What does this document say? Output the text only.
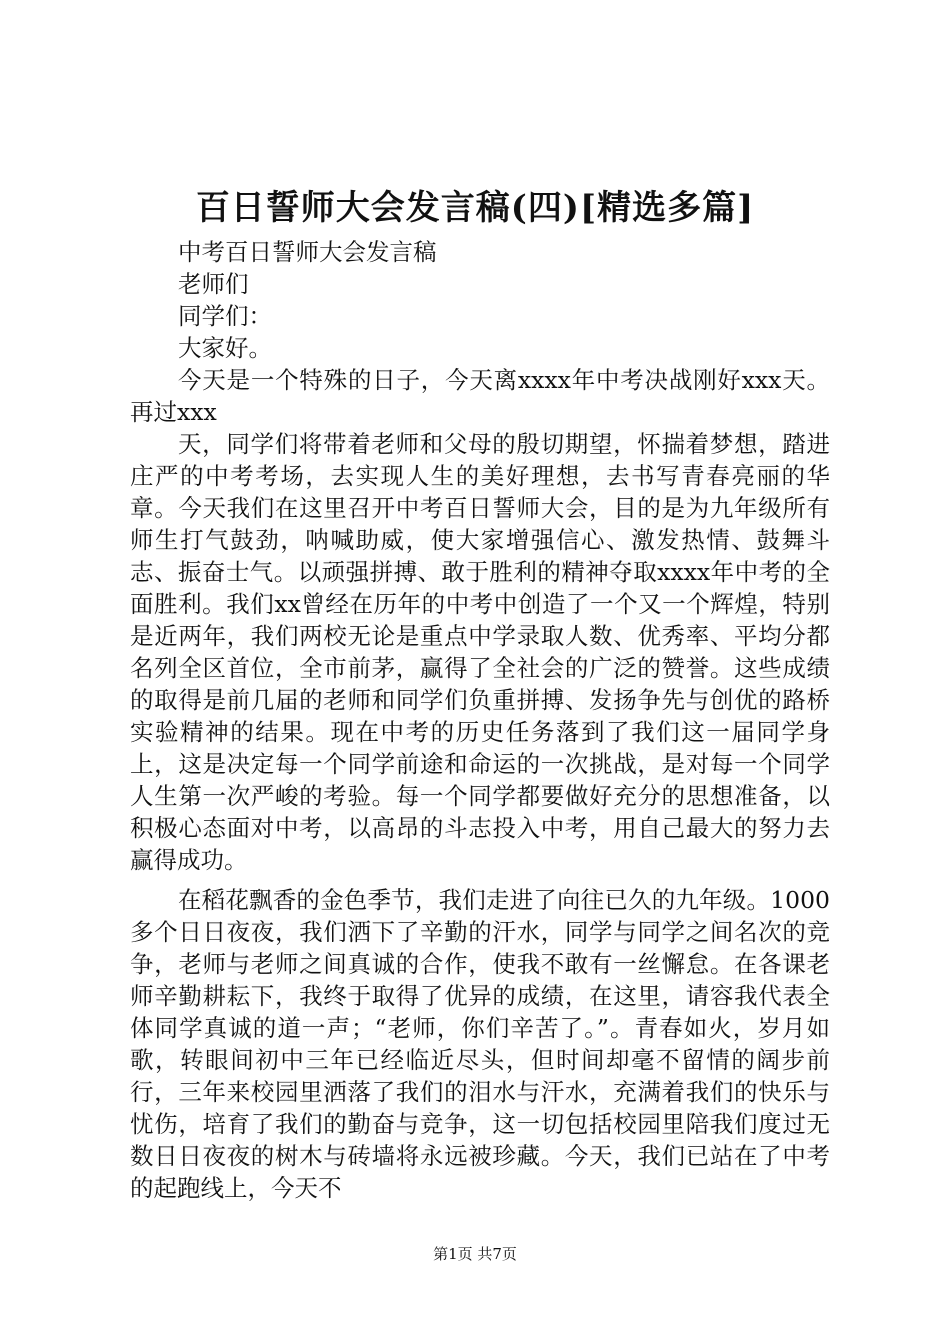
百日誓师大会发言稿(四)[精选多篇]

中考百日誓师大会发言稿

老师们

同学们：

大家好。

今天是一个特殊的日子，今天离xxxx年中考决战刚好xxx天。再过xxx

天，同学们将带着老师和父母的殷切期望，怀揣着梦想，踏进庄严的中考考场，去实现人生的美好理想，去书写青春亮丽的华章。今天我们在这里召开中考百日誓师大会，目的是为九年级所有师生打气鼓劲，呐喊助威，使大家增强信心、激发热情、鼓舞斗志、振奋士气。以顽强拼搏、敢于胜利的精神夺取xxxx年中考的全面胜利。我们xx曾经在历年的中考中创造了一个又一个辉煌，特别是近两年，我们两校无论是重点中学录取人数、优秀率、平均分都名列全区首位，全市前茅，赢得了全社会的广泛的赞誉。这些成绩的取得是前几届的老师和同学们负重拼搏、发扬争先与创优的路桥实验精神的结果。现在中考的历史任务落到了我们这一届同学身上，这是决定每一个同学前途和命运的一次挑战，是对每一个同学人生第一次严峻的考验。每一个同学都要做好充分的思想准备，以积极心态面对中考，以高昂的斗志投入中考，用自己最大的努力去赢得成功。

在稻花飘香的金色季节，我们走进了向往已久的九年级。1000多个日日夜夜，我们洒下了辛勤的汗水，同学与同学之间名次的竞争，老师与老师之间真诚的合作，使我不敢有一丝懈怠。在各课老师辛勤耕耘下，我终于取得了优异的成绩，在这里，请容我代表全体同学真诚的道一声；“老师，你们辛苦了。”。青春如火，岁月如歌，转眼间初中三年已经临近尽头，但时间却毫不留情的阔步前行，三年来校园里洒落了我们的泪水与汗水，充满着我们的快乐与忧伤，培育了我们的勤奋与竞争，这一切包括校园里陪我们度过无数日日夜夜的树木与砖墙将永远被珍藏。今天，我们已站在了中考的起跑线上，今天不

第1页 共7页
